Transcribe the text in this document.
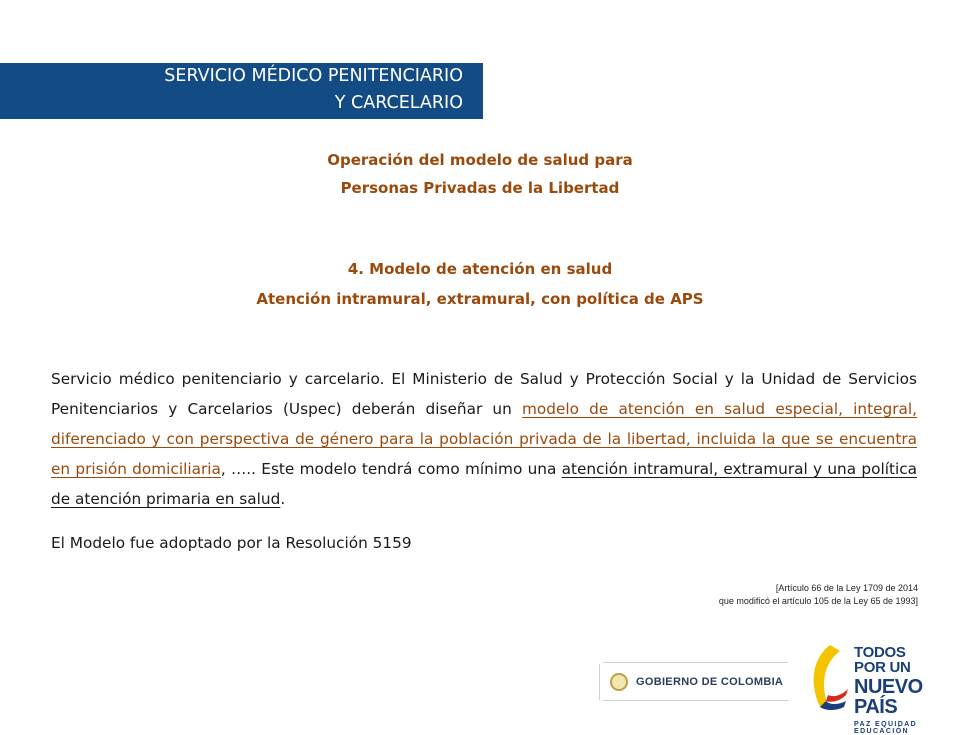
SERVICIO MÉDICO PENITENCIARIO
Y CARCELARIO
Operación del modelo de salud para
Personas Privadas de la Libertad
4. Modelo de atención en salud
Atención intramural, extramural, con política de APS
Servicio médico penitenciario y carcelario. El Ministerio de Salud y Protección Social y la Unidad de Servicios Penitenciarios y Carcelarios (Uspec) deberán diseñar un modelo de atención en salud especial, integral, diferenciado y con perspectiva de género para la población privada de la libertad, incluida la que se encuentra en prisión domiciliaria, ….. Este modelo tendrá como mínimo una atención intramural, extramural y una política de atención primaria en salud.
El Modelo fue adoptado por la Resolución 5159
[Artículo 66 de la Ley 1709 de 2014
que modificó el artículo 105 de la Ley 65 de 1993]
GOBIERNO DE COLOMBIA
TODOS POR UN
NUEVO PAÍS
PAZ EQUIDAD EDUCACIÓN
